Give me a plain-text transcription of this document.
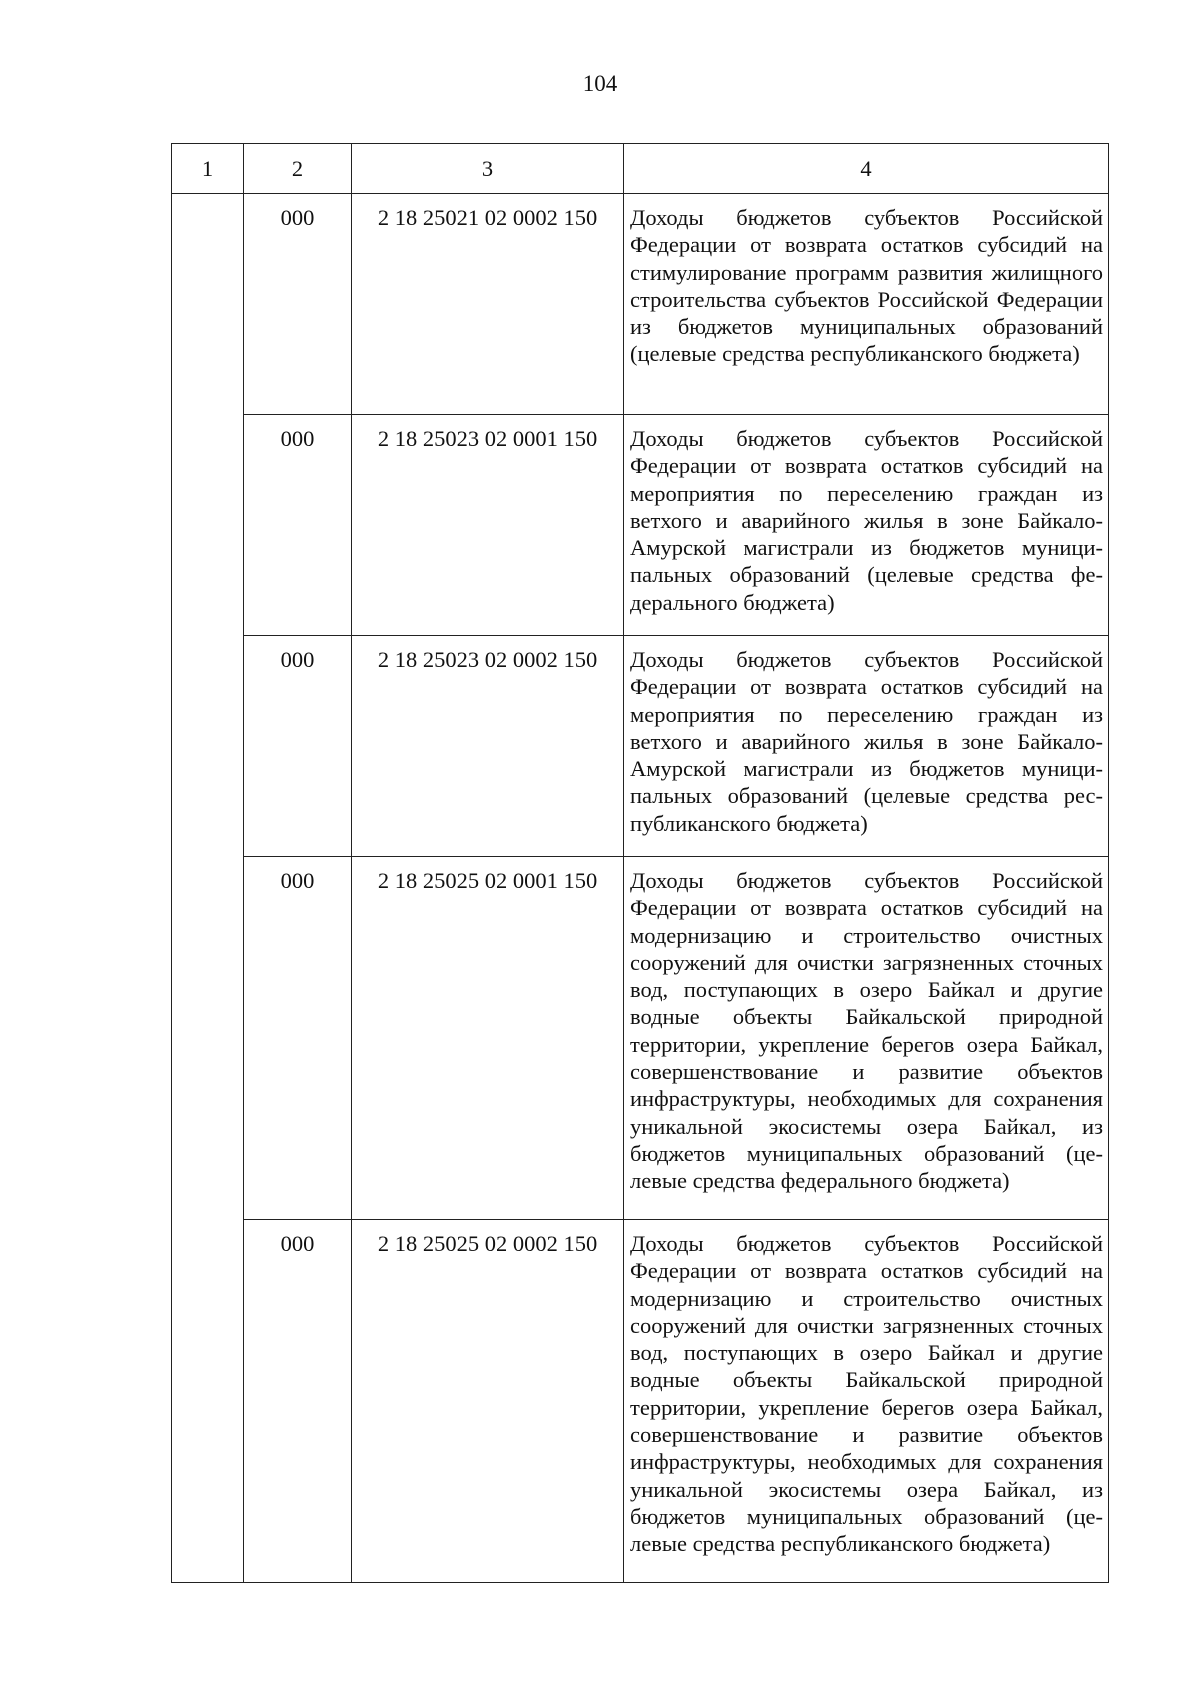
104
1	2	3	4
	000	2 18 25021 02 0002 150	Доходы бюджетов субъектов Российской Федерации от возврата остатков субсидий на стимулирование программ развития жилищного строительства субъектов Российской Федерации из бюджетов муниципальных образований (целевые средства республиканского бюджета)
	000	2 18 25023 02 0001 150	Доходы бюджетов субъектов Российской Федерации от возврата остатков субсидий на мероприятия по переселению граждан из ветхого и аварийного жилья в зоне Байкало-Амурской магистрали из бюджетов муниципальных образований (целевые средства федерального бюджета)
	000	2 18 25023 02 0002 150	Доходы бюджетов субъектов Российской Федерации от возврата остатков субсидий на мероприятия по переселению граждан из ветхого и аварийного жилья в зоне Байкало-Амурской магистрали из бюджетов муниципальных образований (целевые средства республиканского бюджета)
	000	2 18 25025 02 0001 150	Доходы бюджетов субъектов Российской Федерации от возврата остатков субсидий на модернизацию и строительство очистных сооружений для очистки загрязненных сточных вод, поступающих в озеро Байкал и другие водные объекты Байкальской природной территории, укрепление берегов озера Байкал, совершенствование и развитие объектов инфраструктуры, необходимых для сохранения уникальной экосистемы озера Байкал, из бюджетов муниципальных образований (целевые средства федерального бюджета)
	000	2 18 25025 02 0002 150	Доходы бюджетов субъектов Российской Федерации от возврата остатков субсидий на модернизацию и строительство очистных сооружений для очистки загрязненных сточных вод, поступающих в озеро Байкал и другие водные объекты Байкальской природной территории, укрепление берегов озера Байкал, совершенствование и развитие объектов инфраструктуры, необходимых для сохранения уникальной экосистемы озера Байкал, из бюджетов муниципальных образований (целевые средства республиканского бюджета)
